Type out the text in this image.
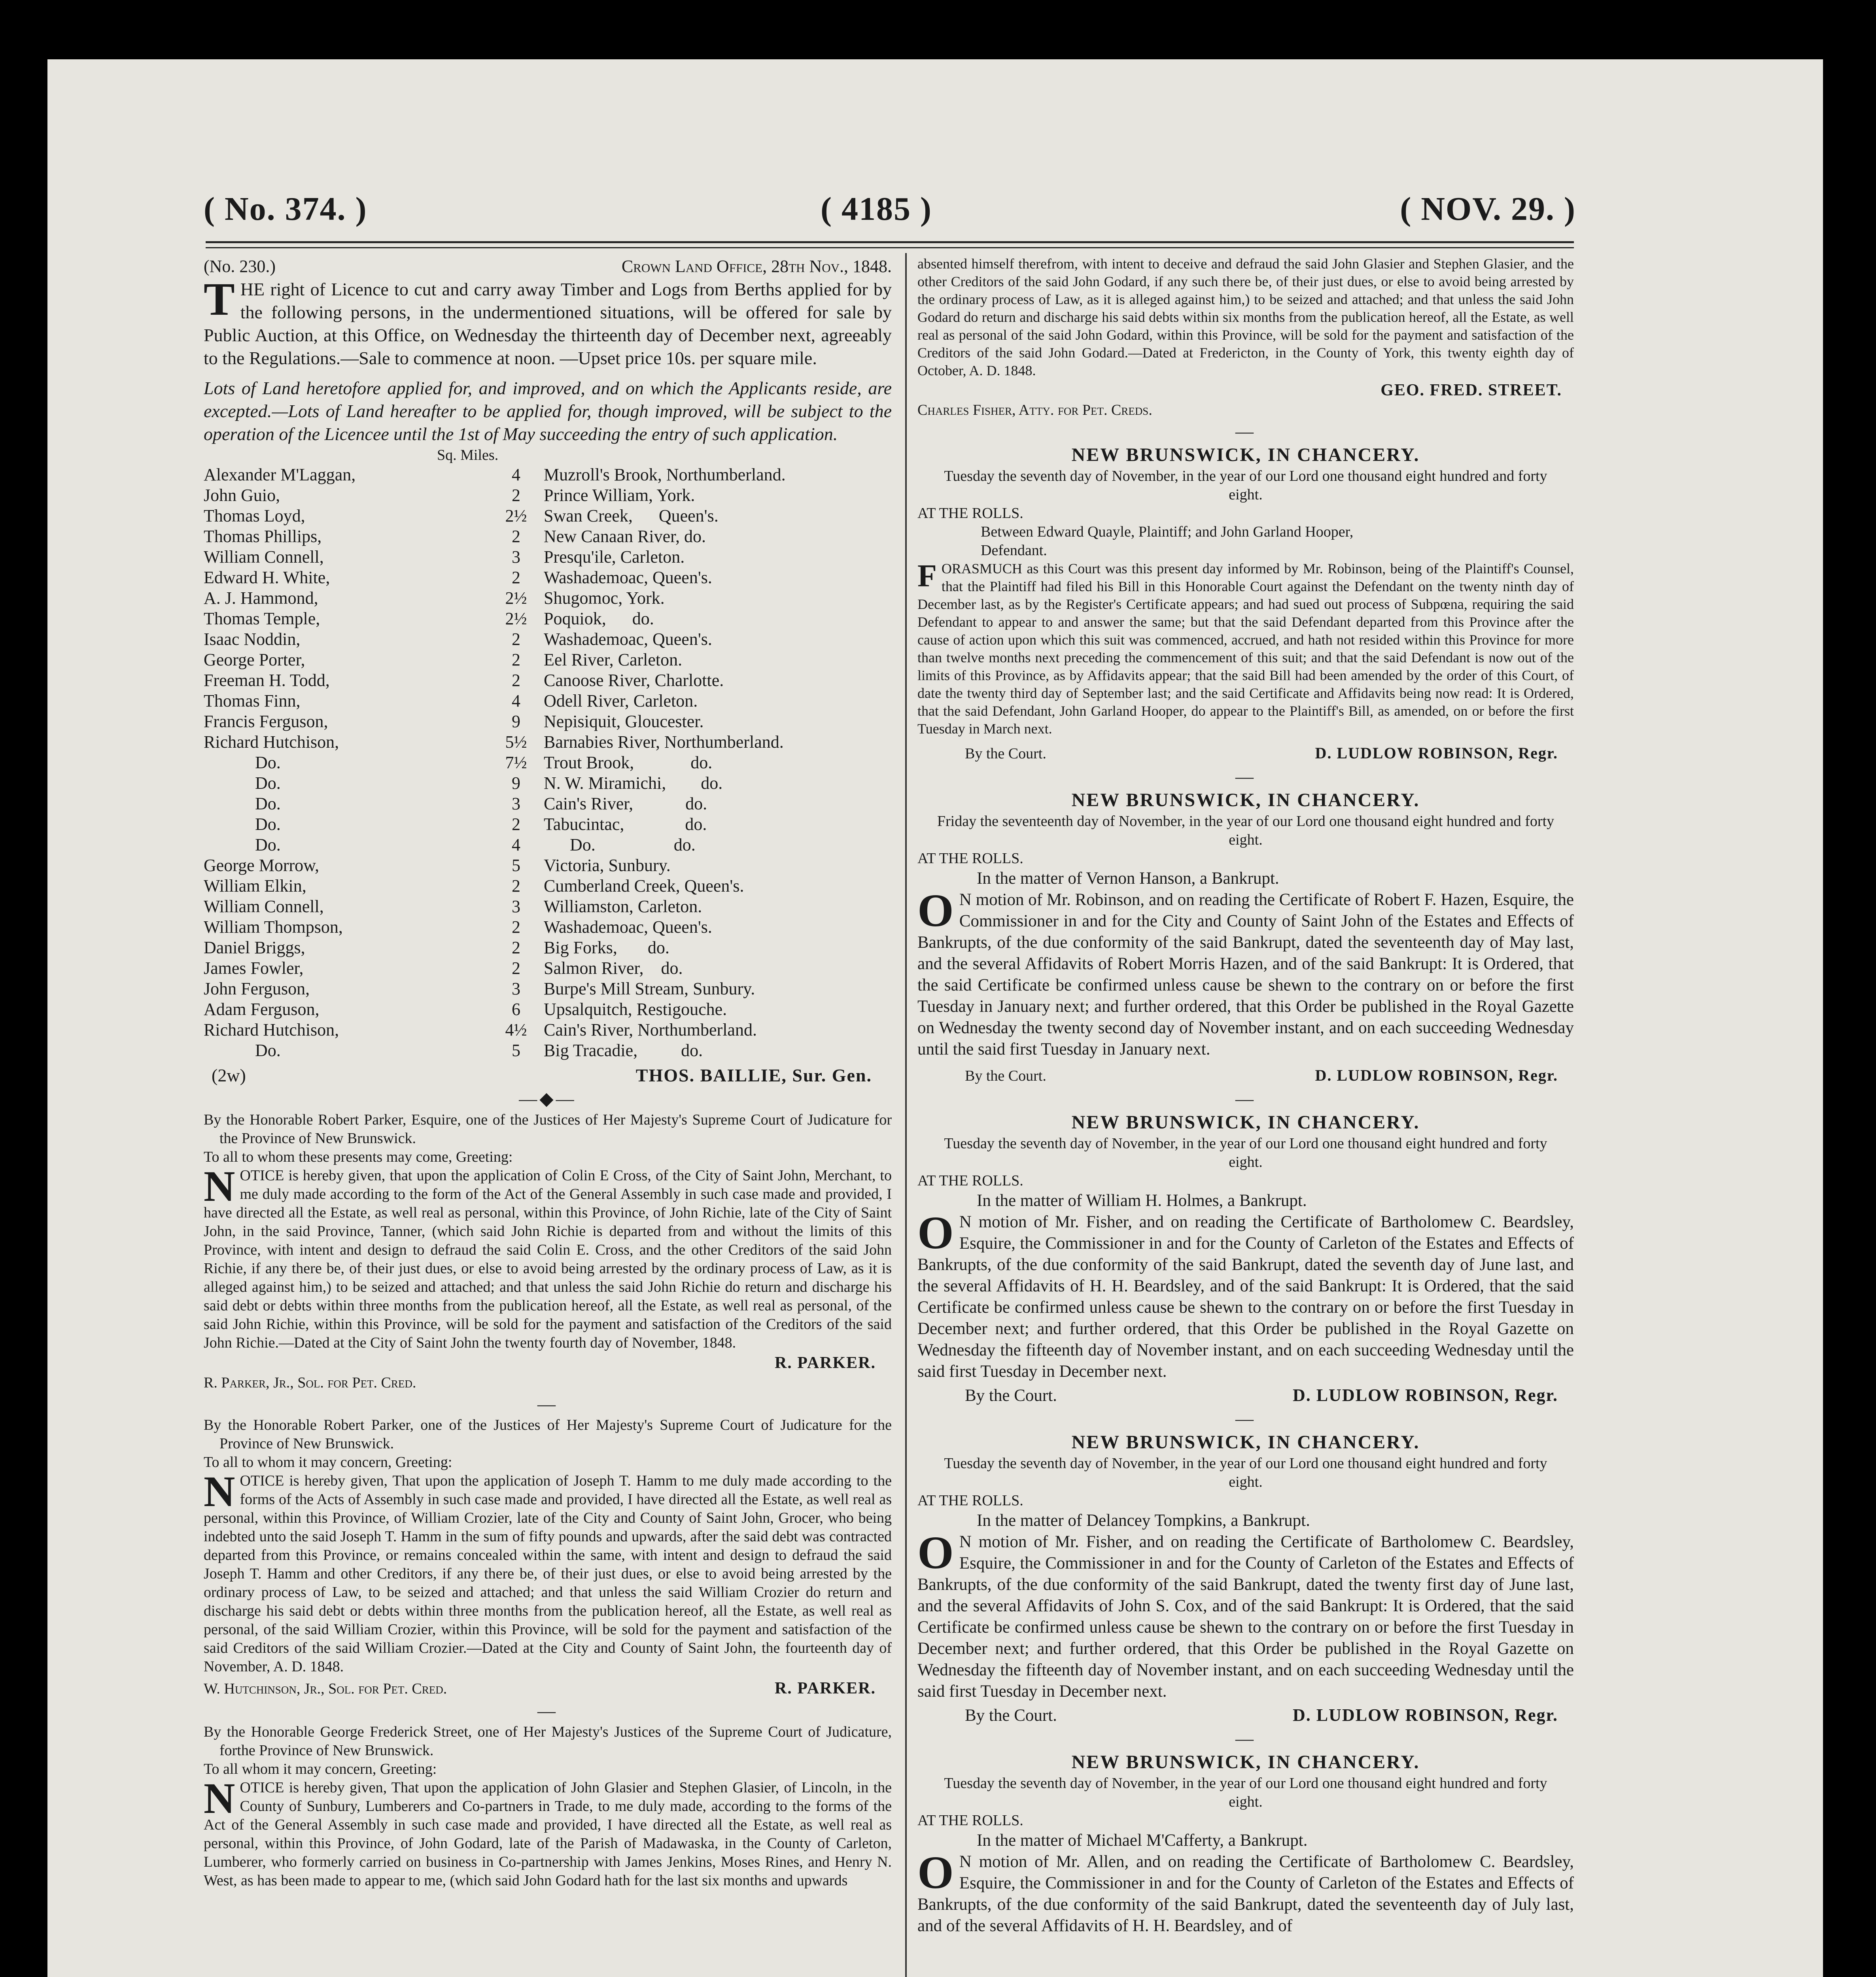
( No. 374. )	( 4185 )	( NOV. 29. )
(No. 230.)	Crown Land Office, 28th Nov., 1848.

THE right of Licence to cut and carry away Timber and Logs from Berths applied for by the following persons, in the undermentioned situations, will be offered for sale by Public Auction, at this Office, on Wednesday the thirteenth day of December next, agreeably to the Regulations.—Sale to commence at noon. —Upset price 10s. per square mile.

Lots of Land heretofore applied for, and improved, and on which the Applicants reside, are excepted.—Lots of Land hereafter to be applied for, though improved, will be subject to the operation of the Licencee until the 1st of May succeeding the entry of such application.

Sq. Miles.
Alexander M'Laggan,	4	Muzroll's Brook, Northumberland.
John Guio,	2	Prince William, York.
Thomas Loyd,	2½	Swan Creek,      Queen's.
Thomas Phillips,	2	New Canaan River, do.
William Connell,	3	Presqu'ile, Carleton.
Edward H. White,	2	Washademoac, Queen's.
A. J. Hammond,	2½	Shugomoc, York.
Thomas Temple,	2½	Poquiok,      do.
Isaac Noddin,	2	Washademoac, Queen's.
George Porter,	2	Eel River, Carleton.
Freeman H. Todd,	2	Canoose River, Charlotte.
Thomas Finn,	4	Odell River, Carleton.
Francis Ferguson,	9	Nepisiquit, Gloucester.
Richard Hutchison,	5½	Barnabies River, Northumberland.
Do.	7½	Trout Brook,             do.
Do.	9	N. W. Miramichi,        do.
Do.	3	Cain's River,            do.
Do.	2	Tabucintac,              do.
Do.	4	Do.                  do.
George Morrow,	5	Victoria, Sunbury.
William Elkin,	2	Cumberland Creek, Queen's.
William Connell,	3	Williamston, Carleton.
William Thompson,	2	Washademoac, Queen's.
Daniel Briggs,	2	Big Forks,       do.
James Fowler,	2	Salmon River,    do.
John Ferguson,	3	Burpe's Mill Stream, Sunbury.
Adam Ferguson,	6	Upsalquitch, Restigouche.
Richard Hutchison,	4½	Cain's River, Northumberland.
Do.	5	Big Tracadie,          do.
(2w)	THOS. BAILLIE, Sur. Gen.
—◆—

By the Honorable Robert Parker, Esquire, one of the Justices of Her Majesty's Supreme Court of Judicature for the Province of New Brunswick.

To all to whom these presents may come, Greeting:

NOTICE is hereby given, that upon the application of Colin E Cross, of the City of Saint John, Merchant, to me duly made according to the form of the Act of the General Assembly in such case made and provided, I have directed all the Estate, as well real as personal, within this Province, of John Richie, late of the City of Saint John, in the said Province, Tanner, (which said John Richie is departed from and without the limits of this Province, with intent and design to defraud the said Colin E. Cross, and the other Creditors of the said John Richie, if any there be, of their just dues, or else to avoid being arrested by the ordinary process of Law, as it is alleged against him,) to be seized and attached; and that unless the said John Richie do return and discharge his said debt or debts within three months from the publication hereof, all the Estate, as well real as personal, of the said John Richie, within this Province, will be sold for the payment and satisfaction of the Creditors of the said John Richie.—Dated at the City of Saint John the twenty fourth day of November, 1848.

R. PARKER.

R. Parker, Jr., Sol. for Pet. Cred.

—

By the Honorable Robert Parker, one of the Justices of Her Majesty's Supreme Court of Judicature for the Province of New Brunswick.

To all to whom it may concern, Greeting:

NOTICE is hereby given, That upon the application of Joseph T. Hamm to me duly made according to the forms of the Acts of Assembly in such case made and provided, I have directed all the Estate, as well real as personal, within this Province, of William Crozier, late of the City and County of Saint John, Grocer, who being indebted unto the said Joseph T. Hamm in the sum of fifty pounds and upwards, after the said debt was contracted departed from this Province, or remains concealed within the same, with intent and design to defraud the said Joseph T. Hamm and other Creditors, if any there be, of their just dues, or else to avoid being arrested by the ordinary process of Law, to be seized and attached; and that unless the said William Crozier do return and discharge his said debt or debts within three months from the publication hereof, all the Estate, as well real as personal, of the said William Crozier, within this Province, will be sold for the payment and satisfaction of the said Creditors of the said William Crozier.—Dated at the City and County of Saint John, the fourteenth day of November, A. D. 1848.

W. Hutchinson, Jr., Sol. for Pet. Cred.	R. PARKER.
—

By the Honorable George Frederick Street, one of Her Majesty's Justices of the Supreme Court of Judicature, forthe Province of New Brunswick.

To all whom it may concern, Greeting:

NOTICE is hereby given, That upon the application of John Glasier and Stephen Glasier, of Lincoln, in the County of Sunbury, Lumberers and Co-partners in Trade, to me duly made, according to the forms of the Act of the General Assembly in such case made and provided, I have directed all the Estate, as well real as personal, within this Province, of John Godard, late of the Parish of Madawaska, in the County of Carleton, Lumberer, who formerly carried on business in Co-partnership with James Jenkins, Moses Rines, and Henry N. West, as has been made to appear to me, (which said John Godard hath for the last six months and upwards

absented himself therefrom, with intent to deceive and defraud the said John Glasier and Stephen Glasier, and the other Creditors of the said John Godard, if any such there be, of their just dues, or else to avoid being arrested by the ordinary process of Law, as it is alleged against him,) to be seized and attached; and that unless the said John Godard do return and discharge his said debts within six months from the publication hereof, all the Estate, as well real as personal of the said John Godard, within this Province, will be sold for the payment and satisfaction of the Creditors of the said John Godard.—Dated at Fredericton, in the County of York, this twenty eighth day of October, A. D. 1848.

GEO. FRED. STREET.

Charles Fisher, Atty. for Pet. Creds.

—

NEW BRUNSWICK, IN CHANCERY.

Tuesday the seventh day of November, in the year of our Lord one thousand eight hundred and forty eight.

AT THE ROLLS.

Between Edward Quayle, Plaintiff; and John Garland Hooper, Defendant.

FORASMUCH as this Court was this present day informed by Mr. Robinson, being of the Plaintiff's Counsel, that the Plaintiff had filed his Bill in this Honorable Court against the Defendant on the twenty ninth day of December last, as by the Register's Certificate appears; and had sued out process of Subpœna, requiring the said Defendant to appear to and answer the same; but that the said Defendant departed from this Province after the cause of action upon which this suit was commenced, accrued, and hath not resided within this Province for more than twelve months next preceding the commencement of this suit; and that the said Defendant is now out of the limits of this Province, as by Affidavits appear; that the said Bill had been amended by the order of this Court, of date the twenty third day of September last; and the said Certificate and Affidavits being now read: It is Ordered, that the said Defendant, John Garland Hooper, do appear to the Plaintiff's Bill, as amended, on or before the first Tuesday in March next.

By the Court.	D. LUDLOW ROBINSON, Regr.
—

NEW BRUNSWICK, IN CHANCERY.

Friday the seventeenth day of November, in the year of our Lord one thousand eight hundred and forty eight.

AT THE ROLLS.

In the matter of Vernon Hanson, a Bankrupt.

O N motion of Mr. Robinson, and on reading the Certificate of Robert F. Hazen, Esquire, the Commissioner in and for the City and County of Saint John of the Estates and Effects of Bankrupts, of the due conformity of the said Bankrupt, dated the seventeenth day of May last, and the several Affidavits of Robert Morris Hazen, and of the said Bankrupt: It is Ordered, that the said Certificate be confirmed unless cause be shewn to the contrary on or before the first Tuesday in January next; and further ordered, that this Order be published in the Royal Gazette on Wednesday the twenty second day of November instant, and on each succeeding Wednesday until the said first Tuesday in January next.

By the Court.	D. LUDLOW ROBINSON, Regr.
—

NEW BRUNSWICK, IN CHANCERY.

Tuesday the seventh day of November, in the year of our Lord one thousand eight hundred and forty eight.

AT THE ROLLS.

In the matter of William H. Holmes, a Bankrupt.

O N motion of Mr. Fisher, and on reading the Certificate of Bartholomew C. Beardsley, Esquire, the Commissioner in and for the County of Carleton of the Estates and Effects of Bankrupts, of the due conformity of the said Bankrupt, dated the seventh day of June last, and the several Affidavits of H. H. Beardsley, and of the said Bankrupt: It is Ordered, that the said Certificate be confirmed unless cause be shewn to the contrary on or before the first Tuesday in December next; and further ordered, that this Order be published in the Royal Gazette on Wednesday the fifteenth day of November instant, and on each succeeding Wednesday until the said first Tuesday in December next.

By the Court.	D. LUDLOW ROBINSON, Regr.
—

NEW BRUNSWICK, IN CHANCERY.

Tuesday the seventh day of November, in the year of our Lord one thousand eight hundred and forty eight.

AT THE ROLLS.

In the matter of Delancey Tompkins, a Bankrupt.

O N motion of Mr. Fisher, and on reading the Certificate of Bartholomew C. Beardsley, Esquire, the Commissioner in and for the County of Carleton of the Estates and Effects of Bankrupts, of the due conformity of the said Bankrupt, dated the twenty first day of June last, and the several Affidavits of John S. Cox, and of the said Bankrupt: It is Ordered, that the said Certificate be confirmed unless cause be shewn to the contrary on or before the first Tuesday in December next; and further ordered, that this Order be published in the Royal Gazette on Wednesday the fifteenth day of November instant, and on each succeeding Wednesday until the said first Tuesday in December next.

By the Court.	D. LUDLOW ROBINSON, Regr.
—

NEW BRUNSWICK, IN CHANCERY.

Tuesday the seventh day of November, in the year of our Lord one thousand eight hundred and forty eight.

AT THE ROLLS.

In the matter of Michael M'Cafferty, a Bankrupt.

O N motion of Mr. Allen, and on reading the Certificate of Bartholomew C. Beardsley, Esquire, the Commissioner in and for the County of Carleton of the Estates and Effects of Bankrupts, of the due conformity of the said Bankrupt, dated the seventeenth day of July last, and of the several Affidavits of H. H. Beardsley, and of
